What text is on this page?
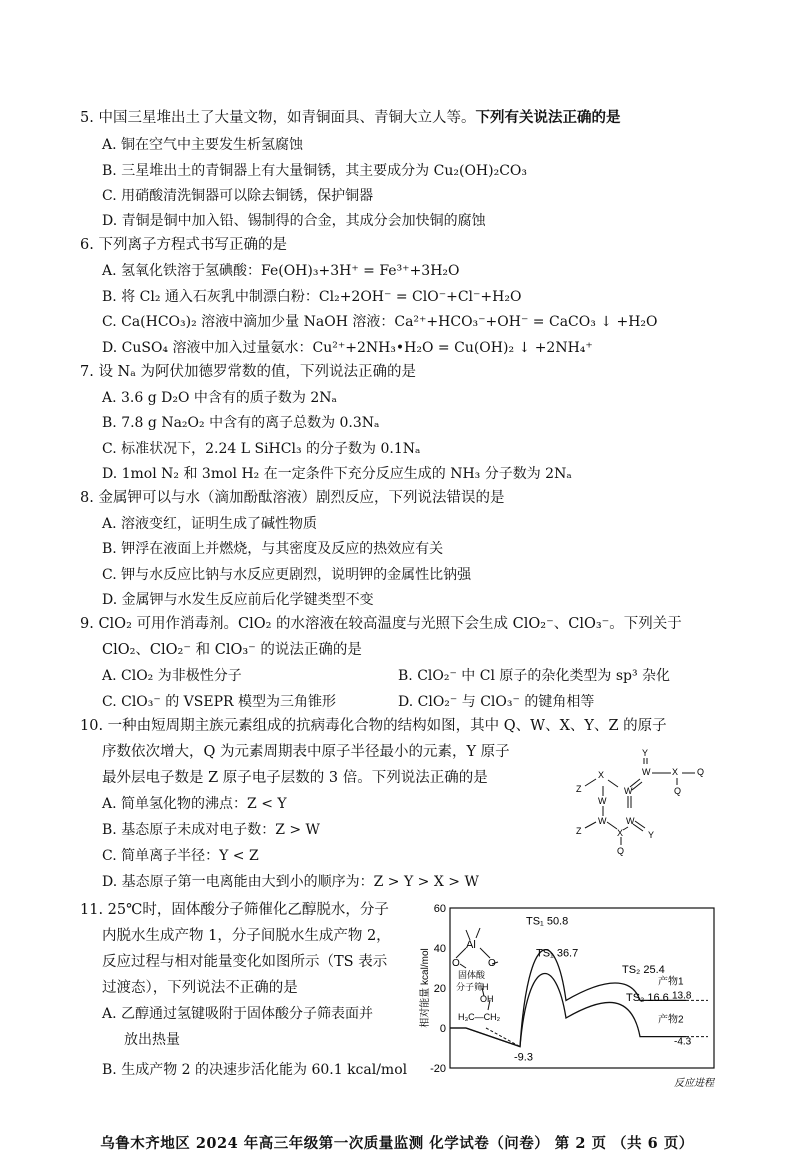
5. 中国三星堆出土了大量文物，如青铜面具、青铜大立人等。下列有关说法正确的是
A. 铜在空气中主要发生析氢腐蚀
B. 三星堆出土的青铜器上有大量铜锈，其主要成分为 Cu₂(OH)₂CO₃
C. 用硝酸清洗铜器可以除去铜锈，保护铜器
D. 青铜是铜中加入铅、锡制得的合金，其成分会加快铜的腐蚀
6. 下列离子方程式书写正确的是
A. 氢氧化铁溶于氢碘酸：Fe(OH)₃+3H⁺ = Fe³⁺+3H₂O
B. 将 Cl₂ 通入石灰乳中制漂白粉：Cl₂+2OH⁻ = ClO⁻+Cl⁻+H₂O
C. Ca(HCO₃)₂ 溶液中滴加少量 NaOH 溶液：Ca²⁺+HCO₃⁻+OH⁻ = CaCO₃ ↓ +H₂O
D. CuSO₄ 溶液中加入过量氨水：Cu²⁺+2NH₃•H₂O = Cu(OH)₂ ↓ +2NH₄⁺
7. 设 Nₐ 为阿伏加德罗常数的值，下列说法正确的是
A. 3.6 g D₂O 中含有的质子数为 2Nₐ
B. 7.8 g Na₂O₂ 中含有的离子总数为 0.3Nₐ
C. 标准状况下，2.24 L SiHCl₃ 的分子数为 0.1Nₐ
D. 1mol N₂ 和 3mol H₂ 在一定条件下充分反应生成的 NH₃ 分子数为 2Nₐ
8. 金属钾可以与水（滴加酚酞溶液）剧烈反应，下列说法错误的是
A. 溶液变红，证明生成了碱性物质
B. 钾浮在液面上并燃烧，与其密度及反应的热效应有关
C. 钾与水反应比钠与水反应更剧烈，说明钾的金属性比钠强
D. 金属钾与水发生反应前后化学键类型不变
9. ClO₂ 可用作消毒剂。ClO₂ 的水溶液在较高温度与光照下会生成 ClO₂⁻、ClO₃⁻。下列关于
ClO₂、ClO₂⁻ 和 ClO₃⁻ 的说法正确的是
A. ClO₂ 为非极性分子	B. ClO₂⁻ 中 Cl 原子的杂化类型为 sp³ 杂化
C. ClO₃⁻ 的 VSEPR 模型为三角锥形	D. ClO₂⁻ 与 ClO₃⁻ 的键角相等
10. 一种由短周期主族元素组成的抗病毒化合物的结构如图，其中 Q、W、X、Y、Z 的原子
序数依次增大，Q 为元素周期表中原子半径最小的元素，Y 原子
最外层电子数是 Z 原子电子层数的 3 倍。下列说法正确的是
A. 简单氢化物的沸点：Z < Y
B. 基态原子未成对电子数：Z > W
C. 简单离子半径：Y < Z
D. 基态原子第一电离能由大到小的顺序为：Z > Y > X > W
Y
W X Q
Q
Z
X
W
W
W W
Z	X
Q
Y
11. 25℃时，固体酸分子筛催化乙醇脱水，分子
内脱水生成产物 1，分子间脱水生成产物 2，
反应过程与相对能量变化如图所示（TS 表示
过渡态），下列说法不正确的是
A. 乙醇通过氢键吸附于固体酸分子筛表面并
放出热量
B. 生成产物 2 的决速步活化能为 60.1 kcal/mol
相对能量 kcal/mol
反应进程
60
40
20
0
-20
TS₁ 50.8
TS₁ 36.7
TS₂ 25.4
TS₂ 16.6
-9.3
产物1
13.8
产物2
-4.3
Al
O	O
固体酸
分子筛
H
OH
H₃C—CH₂
乌鲁木齐地区 2024 年高三年级第一次质量监测 化学试卷（问卷） 第 2 页 （共 6 页）
